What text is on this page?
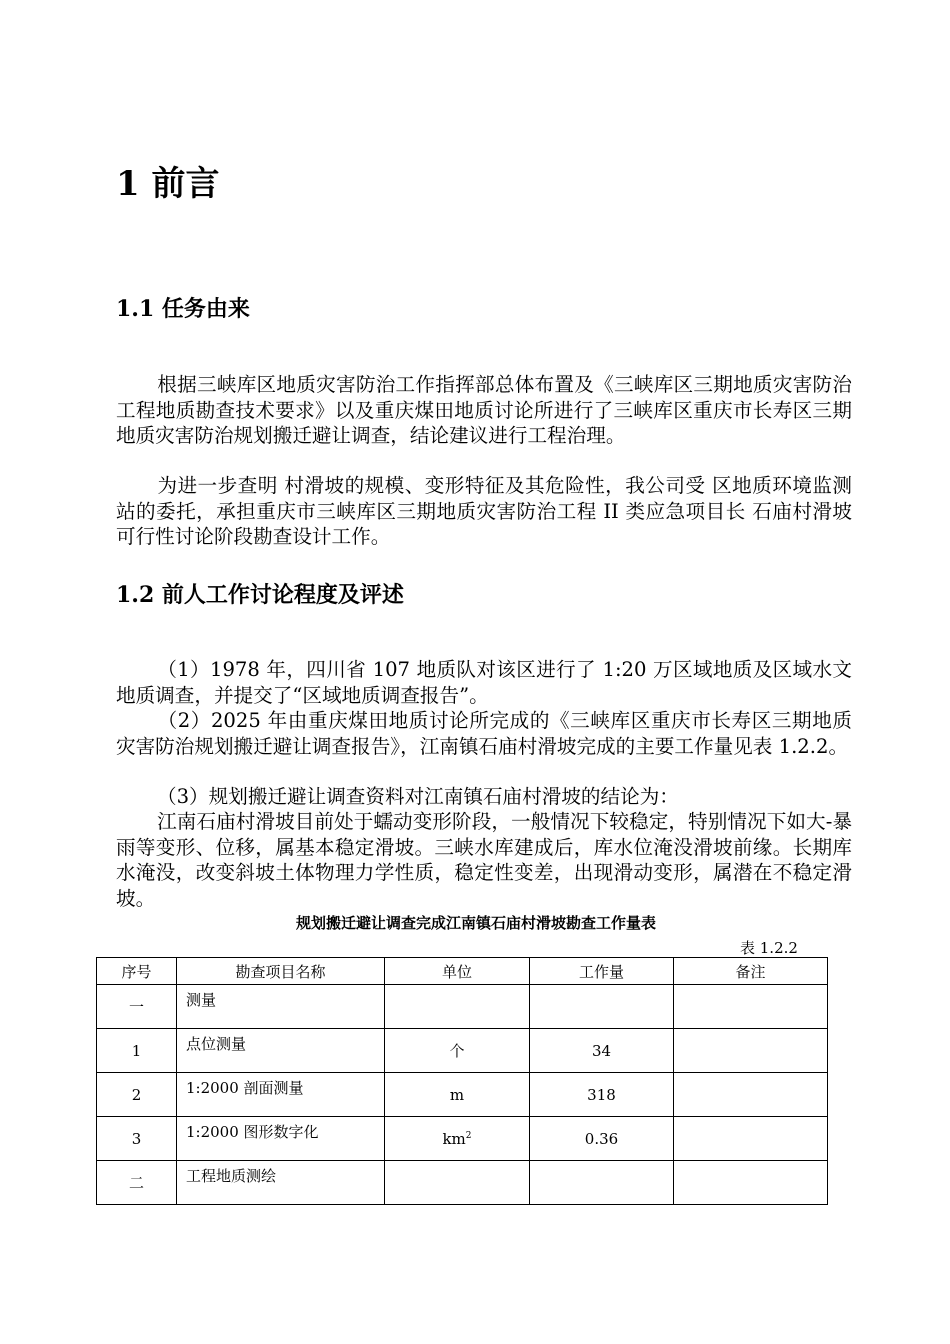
1 前言
1.1 任务由来

根据三峡库区地质灾害防治工作指挥部总体布置及《三峡库区三期地质灾害防治工程地质勘查技术要求》以及重庆煤田地质讨论所进行了三峡库区重庆市长寿区三期地质灾害防治规划搬迁避让调查，结论建议进行工程治理。

为进一步查明 村滑坡的规模、变形特征及其危险性，我公司受 区地质环境监测站的委托，承担重庆市三峡库区三期地质灾害防治工程 II 类应急项目长 石庙村滑坡可行性讨论阶段勘查设计工作。

1.2 前人工作讨论程度及评述

（1）1978 年，四川省 107 地质队对该区进行了 1:20 万区域地质及区域水文地质调查，并提交了“区域地质调查报告”。

（2）2025 年由重庆煤田地质讨论所完成的《三峡库区重庆市长寿区三期地质灾害防治规划搬迁避让调查报告》，江南镇石庙村滑坡完成的主要工作量见表 1.2.2。

（3）规划搬迁避让调查资料对江南镇石庙村滑坡的结论为：

江南石庙村滑坡目前处于蠕动变形阶段，一般情况下较稳定，特别情况下如大-暴雨等变形、位移，属基本稳定滑坡。三峡水库建成后，库水位淹没滑坡前缘。长期库水淹没，改变斜坡土体物理力学性质，稳定性变差，出现滑动变形，属潜在不稳定滑坡。

规划搬迁避让调查完成江南镇石庙村滑坡勘查工作量表

表 1.2.2

序号	勘查项目名称	单位	工作量	备注
一	测量			
1	点位测量	个	34	
2	1:2000 剖面测量	m	318	
3	1:2000 图形数字化	$km^2$	0.36	
二	工程地质测绘			
